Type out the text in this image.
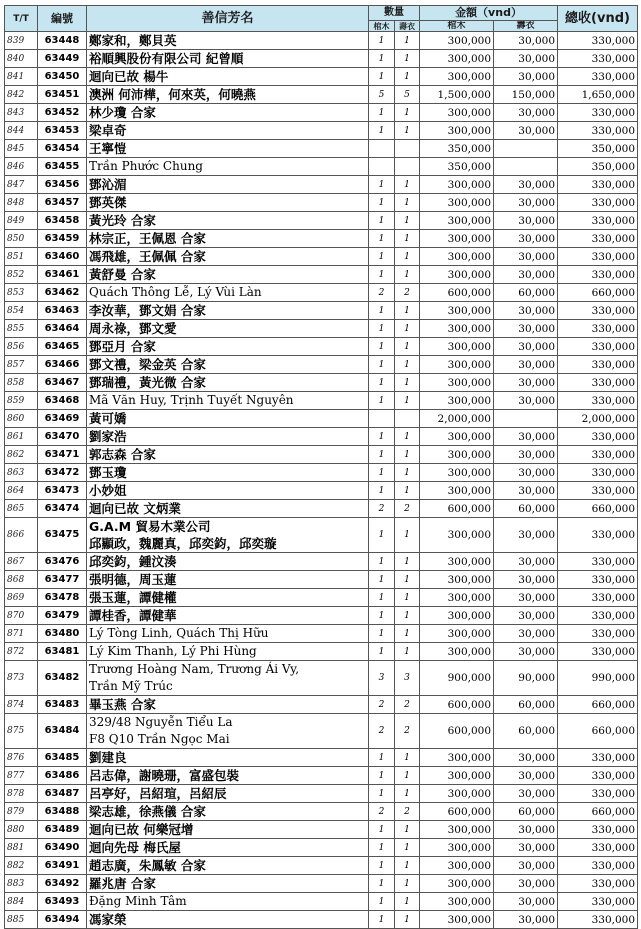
T/T	編號	善信芳名	數量		金額（vnd）		總收(vnd)
			棺木	壽衣	棺木	壽衣	
839	63448	鄭家和，鄭貝英	1	1	300,000	30,000	330,000
840	63449	裕順興股份有限公司 紀曾順	1	1	300,000	30,000	330,000
841	63450	迴向已故 楊牛	1	1	300,000	30,000	330,000
842	63451	澳洲 何沛樺，何來英，何曉燕	5	5	1,500,000	150,000	1,650,000
843	63452	林少瓊 合家	1	1	300,000	30,000	330,000
844	63453	梁卓奇	1	1	300,000	30,000	330,000
845	63454	王寧愷			350,000		350,000
846	63455	Trần Phước Chung			350,000		350,000
847	63456	鄧沁湄	1	1	300,000	30,000	330,000
848	63457	鄧英傑	1	1	300,000	30,000	330,000
849	63458	黃光玲 合家	1	1	300,000	30,000	330,000
850	63459	林宗正，王佩恩 合家	1	1	300,000	30,000	330,000
851	63460	馮飛雄，王佩佩 合家	1	1	300,000	30,000	330,000
852	63461	黃舒曼 合家	1	1	300,000	30,000	330,000
853	63462	Quách Thông Lễ, Lý Vùi Làn	2	2	600,000	60,000	660,000
854	63463	李汝華，鄧文娟 合家	1	1	300,000	30,000	330,000
855	63464	周永祿，鄧文愛	1	1	300,000	30,000	330,000
856	63465	鄧亞月 合家	1	1	300,000	30,000	330,000
857	63466	鄧文禮，梁金英 合家	1	1	300,000	30,000	330,000
858	63467	鄧瑞禮，黃光微 合家	1	1	300,000	30,000	330,000
859	63468	Mã Văn Huy, Trịnh Tuyết Nguyên	1	1	300,000	30,000	330,000
860	63469	黃可嬌			2,000,000		2,000,000
861	63470	劉家浩	1	1	300,000	30,000	330,000
862	63471	郭志森 合家	1	1	300,000	30,000	330,000
863	63472	鄧玉瓊	1	1	300,000	30,000	330,000
864	63473	小妙姐	1	1	300,000	30,000	330,000
865	63474	迴向已故 文炳業	2	2	600,000	60,000	660,000
866	63475	G.A.M 貿易木業公司
邱顯政，魏麗真，邱奕鈞，邱奕璇	1	1	300,000	30,000	330,000
867	63476	邱奕鈞，鍾汶湊	1	1	300,000	30,000	330,000
868	63477	張明德，周玉蓮	1	1	300,000	30,000	330,000
869	63478	張玉蓮，譚健權	1	1	300,000	30,000	330,000
870	63479	譚桂香，譚健華	1	1	300,000	30,000	330,000
871	63480	Lý Tòng Linh, Quách Thị Hữu	1	1	300,000	30,000	330,000
872	63481	Lý Kim Thanh, Lý Phi Hùng	1	1	300,000	30,000	330,000
873	63482	Trương Hoàng Nam, Trương Ái Vy,
Trần Mỹ Trúc	3	3	900,000	90,000	990,000
874	63483	畢玉燕 合家	2	2	600,000	60,000	660,000
875	63484	329/48 Nguyễn Tiểu La
F8 Q10 Trần Ngọc Mai	2	2	600,000	60,000	660,000
876	63485	劉建良	1	1	300,000	30,000	330,000
877	63486	呂志偉，謝曉珊，富盛包裝	1	1	300,000	30,000	330,000
878	63487	呂亭好，呂紹瑄，呂紹辰	1	1	300,000	30,000	330,000
879	63488	梁志雄，徐燕儀 合家	2	2	600,000	60,000	660,000
880	63489	迴向已故 何樂冠增	1	1	300,000	30,000	330,000
881	63490	迴向先母 梅氏屋	1	1	300,000	30,000	330,000
882	63491	趙志廣，朱鳳敏 合家	1	1	300,000	30,000	330,000
883	63492	羅兆唐 合家	1	1	300,000	30,000	330,000
884	63493	Đặng Minh Tâm	1	1	300,000	30,000	330,000
885	63494	馮家榮	1	1	300,000	30,000	330,000
